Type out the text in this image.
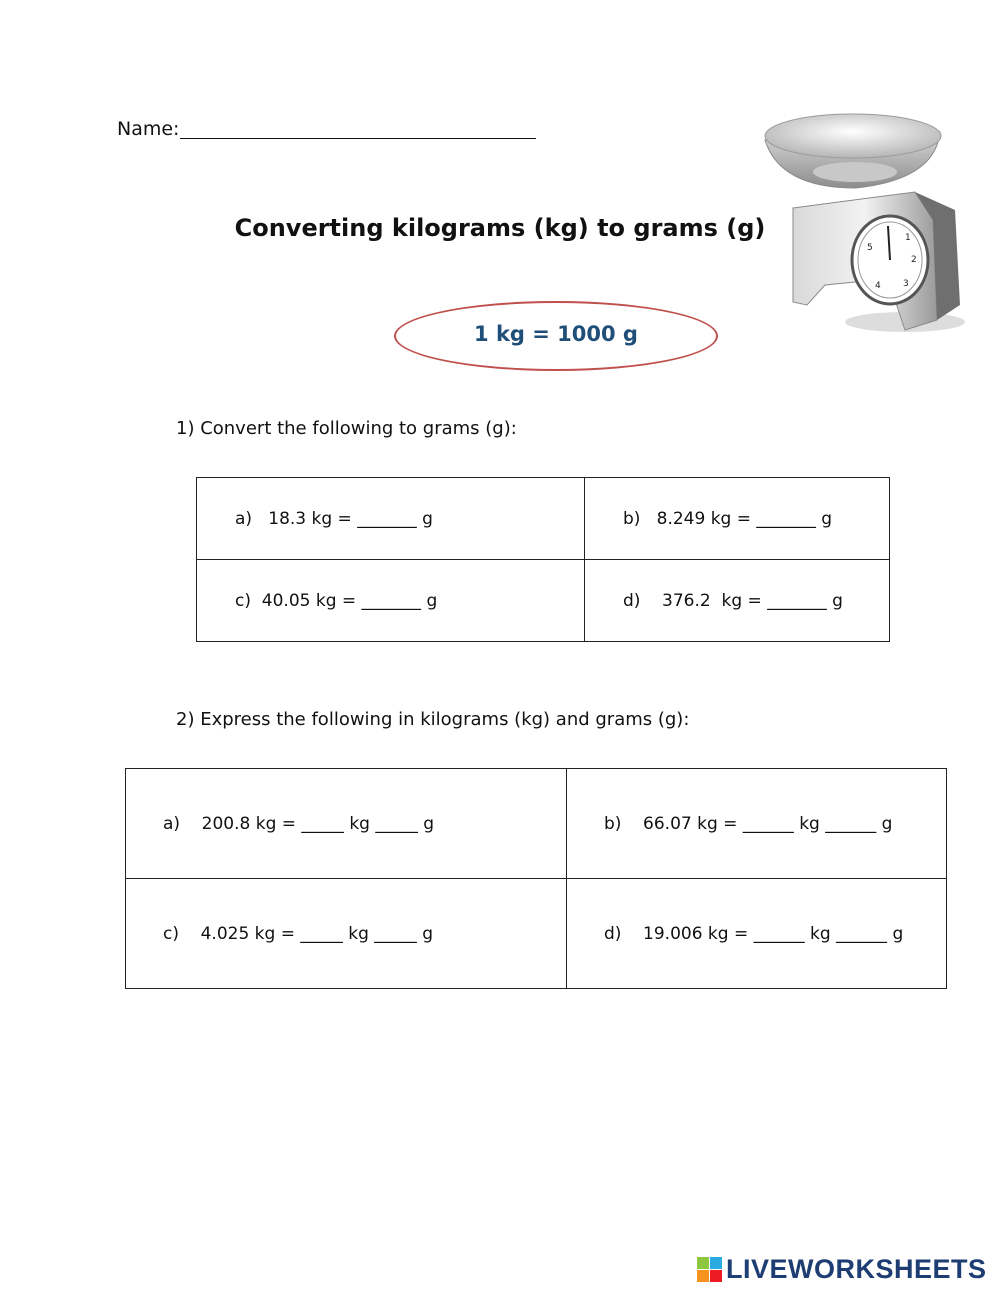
Name:
Converting kilograms (kg) to grams (g)	1
2
3
4
5
1 kg = 1000 g
1) Convert the following to grams (g):
a)   18.3 kg = _______ g	b)   8.249 kg = _______ g
c)  40.05 kg = _______ g	d)    376.2  kg = _______ g
2) Express the following in kilograms (kg) and grams (g):
a)    200.8 kg = _____ kg _____ g	b)    66.07 kg = ______ kg ______ g
c)    4.025 kg = _____ kg _____ g	d)    19.006 kg = ______ kg ______ g
LIVEWORKSHEETS
